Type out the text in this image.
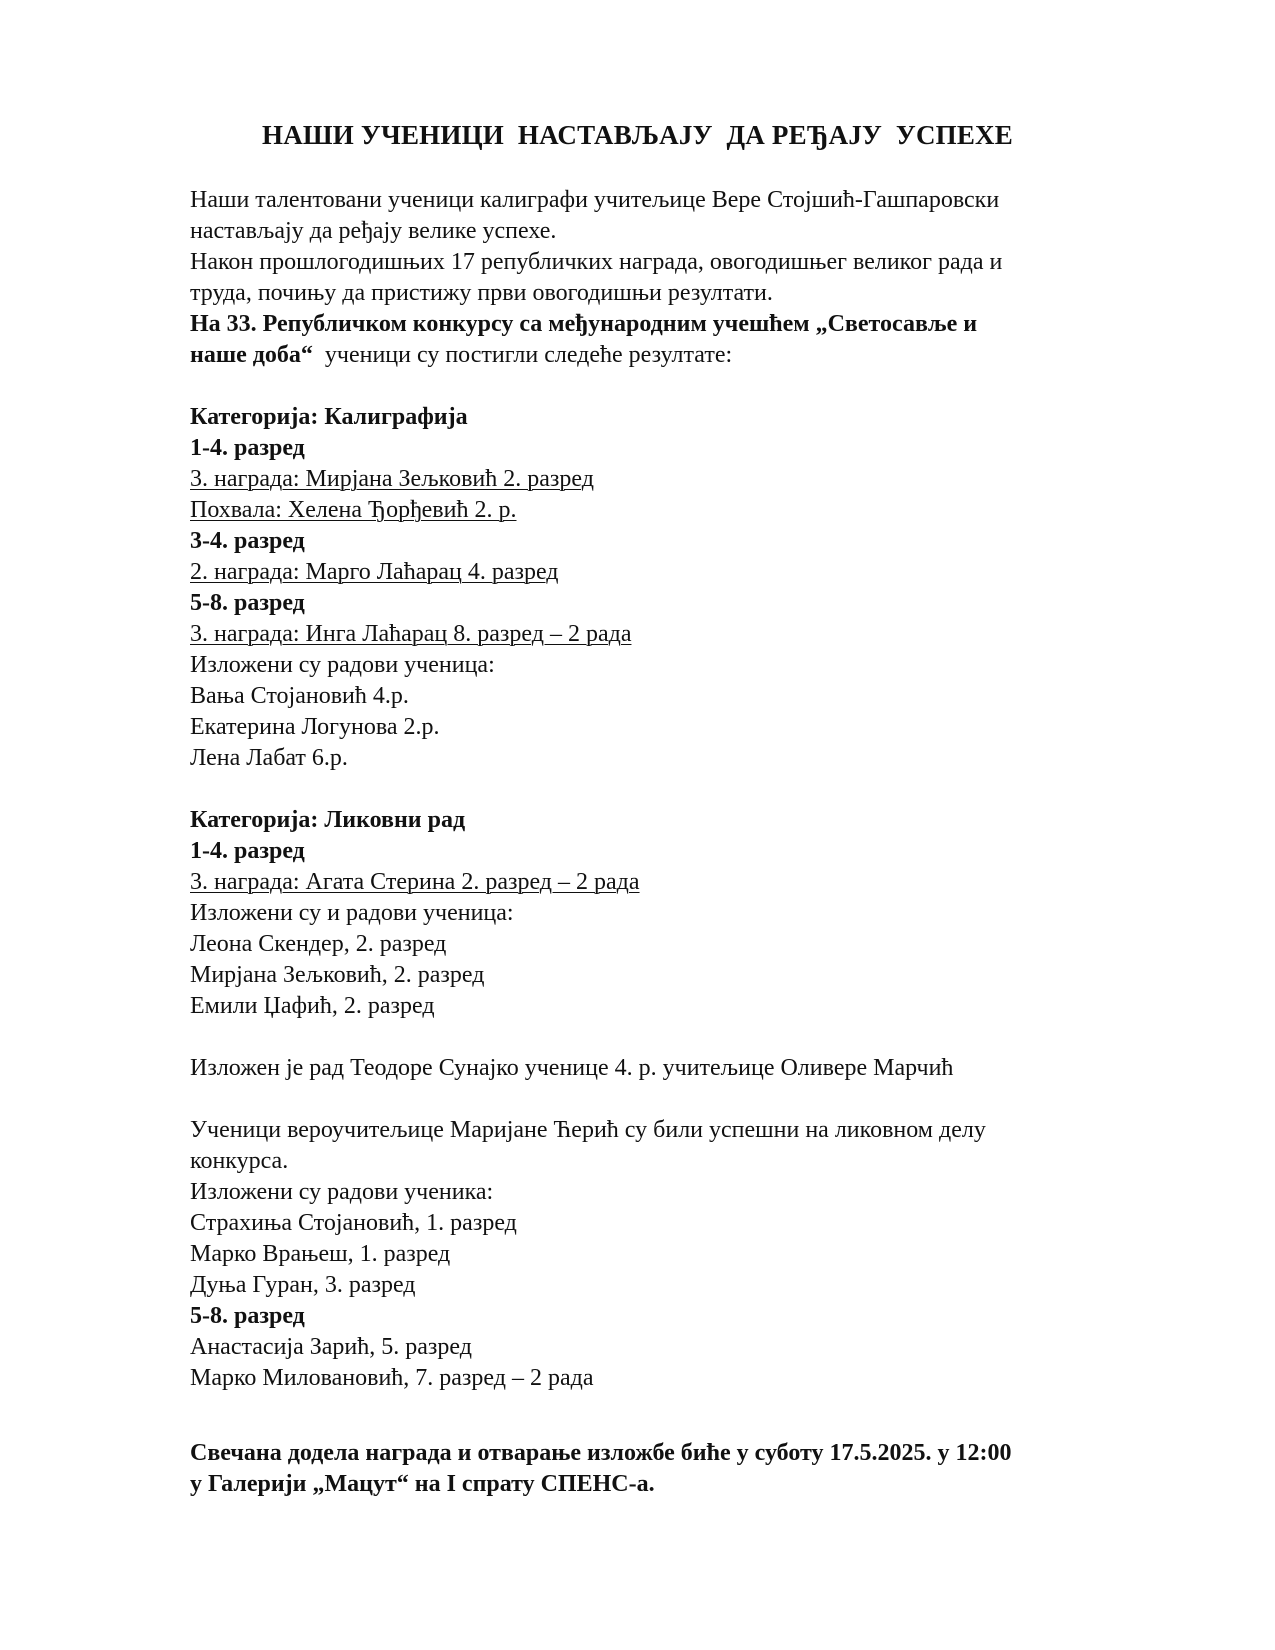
НАШИ УЧЕНИЦИ  НАСТАВЉАЈУ  ДА РЕЂАЈУ  УСПЕХЕ
Наши талентовани ученици калиграфи учитељице Вере Стојшић-Гашпаровски
настављају да ређају велике успехе.
Након прошлогодишњих 17 републичких награда, овогодишњег великог рада и
труда, почињу да пристижу први овогодишњи резултати.
На 33. Републичком конкурсу са међународним учешћем „Светосавље и
наше доба“  ученици су постигли следеће резултате:
Категорија: Калиграфија
1-4. разред
3. награда: Мирјана Зељковић 2. разред
Похвала: Хелена Ђорђевић 2. р.
3-4. разред
2. награда: Марго Лаћарац 4. разред
5-8. разред
3. награда: Инга Лаћарац 8. разред – 2 рада
Изложени су радови ученица:
Вања Стојановић 4.р.
Екатерина Логунова 2.р.
Лена Лабат 6.р.
Категорија: Ликовни рад
1-4. разред
3. награда: Агата Стерина 2. разред – 2 рада
Изложени су и радови ученица:
Леона Скендер, 2. разред
Мирјана Зељковић, 2. разред
Емили Џафић, 2. разред
Изложен је рад Теодоре Сунајко ученице 4. р. учитељице Оливере Марчић
Ученици вероучитељице Маријане Ћерић су били успешни на ликовном делу
конкурса.
Изложени су радови ученика:
Страхиња Стојановић, 1. разред
Марко Врањеш, 1. разред
Дуња Гуран, 3. разред
5-8. разред
Анастасија Зарић, 5. разред
Марко Миловановић, 7. разред – 2 рада
Свечана додела награда и отварање изложбе биће у суботу 17.5.2025. у 12:00
у Галерији „Мацут“ на I спрату СПЕНС-а.
